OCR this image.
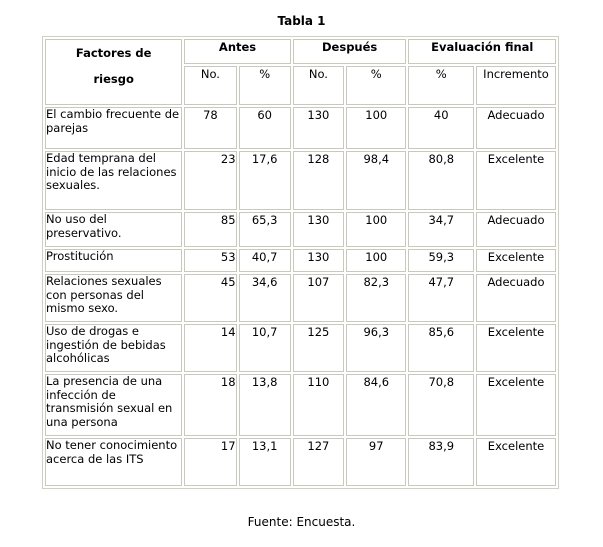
Tabla 1
Factores de
riesgo	Antes		Después		Evaluación final	
	No.	%	No.	%	%	Incremento
El cambio frecuente de parejas	78	60	130	100	40	Adecuado
Edad temprana del inicio de las relaciones sexuales.	23	17,6	128	98,4	80,8	Excelente
No uso del preservativo.	85	65,3	130	100	34,7	Adecuado
Prostitución	53	40,7	130	100	59,3	Excelente
Relaciones sexuales con personas del mismo sexo.	45	34,6	107	82,3	47,7	Adecuado
Uso de drogas e ingestión de bebidas alcohólicas	14	10,7	125	96,3	85,6	Excelente
La presencia de una infección de transmisión sexual en una persona	18	13,8	110	84,6	70,8	Excelente
No tener conocimiento acerca de las ITS	17	13,1	127	97	83,9	Excelente
Fuente: Encuesta.
